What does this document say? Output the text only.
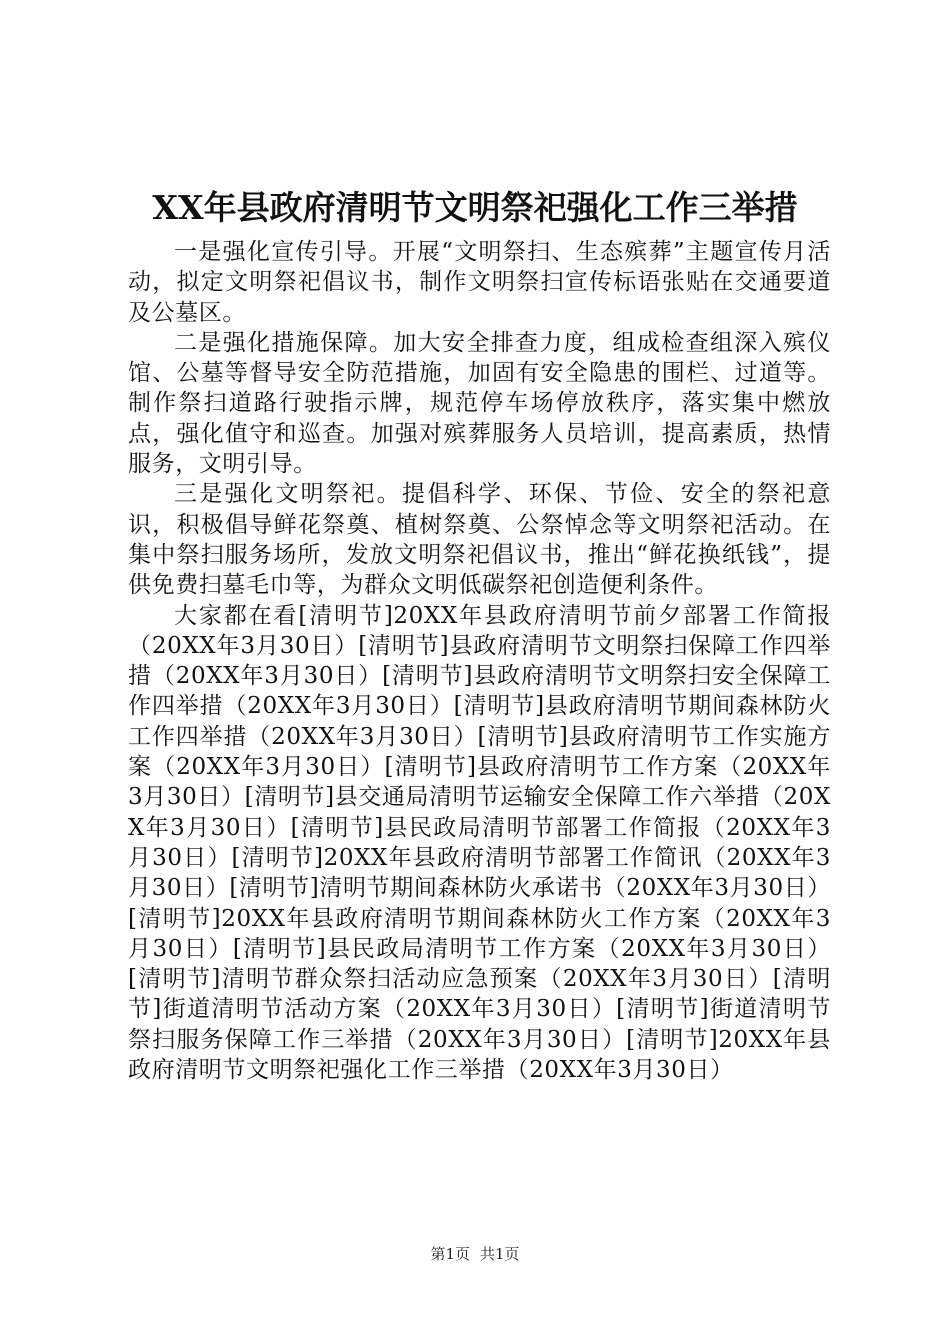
XX年县政府清明节文明祭祀强化工作三举措

一是强化宣传引导。开展“文明祭扫、生态殡葬”主题宣传月活动，拟定文明祭祀倡议书，制作文明祭扫宣传标语张贴在交通要道及公墓区。

二是强化措施保障。加大安全排查力度，组成检查组深入殡仪馆、公墓等督导安全防范措施，加固有安全隐患的围栏、过道等。制作祭扫道路行驶指示牌，规范停车场停放秩序，落实集中燃放点，强化值守和巡查。加强对殡葬服务人员培训，提高素质，热情服务，文明引导。

三是强化文明祭祀。提倡科学、环保、节俭、安全的祭祀意识，积极倡导鲜花祭奠、植树祭奠、公祭悼念等文明祭祀活动。在集中祭扫服务场所，发放文明祭祀倡议书，推出“鲜花换纸钱”，提供免费扫墓毛巾等，为群众文明低碳祭祀创造便利条件。

大家都在看[清明节]20XX年县政府清明节前夕部署工作简报（20XX年3月30日）[清明节]县政府清明节文明祭扫保障工作四举措（20XX年3月30日）[清明节]县政府清明节文明祭扫安全保障工作四举措（20XX年3月30日）[清明节]县政府清明节期间森林防火工作四举措（20XX年3月30日）[清明节]县政府清明节工作实施方案（20XX年3月30日）[清明节]县政府清明节工作方案（20XX年3月30日）[清明节]县交通局清明节运输安全保障工作六举措（20XX年3月30日）[清明节]县民政局清明节部署工作简报（20XX年3月30日）[清明节]20XX年县政府清明节部署工作简讯（20XX年3月30日）[清明节]清明节期间森林防火承诺书（20XX年3月30日）[清明节]20XX年县政府清明节期间森林防火工作方案（20XX年3月30日）[清明节]县民政局清明节工作方案（20XX年3月30日）[清明节]清明节群众祭扫活动应急预案（20XX年3月30日）[清明节]街道清明节活动方案（20XX年3月30日）[清明节]街道清明节祭扫服务保障工作三举措（20XX年3月30日）[清明节]20XX年县政府清明节文明祭祀强化工作三举措（20XX年3月30日）

第1页 共1页
